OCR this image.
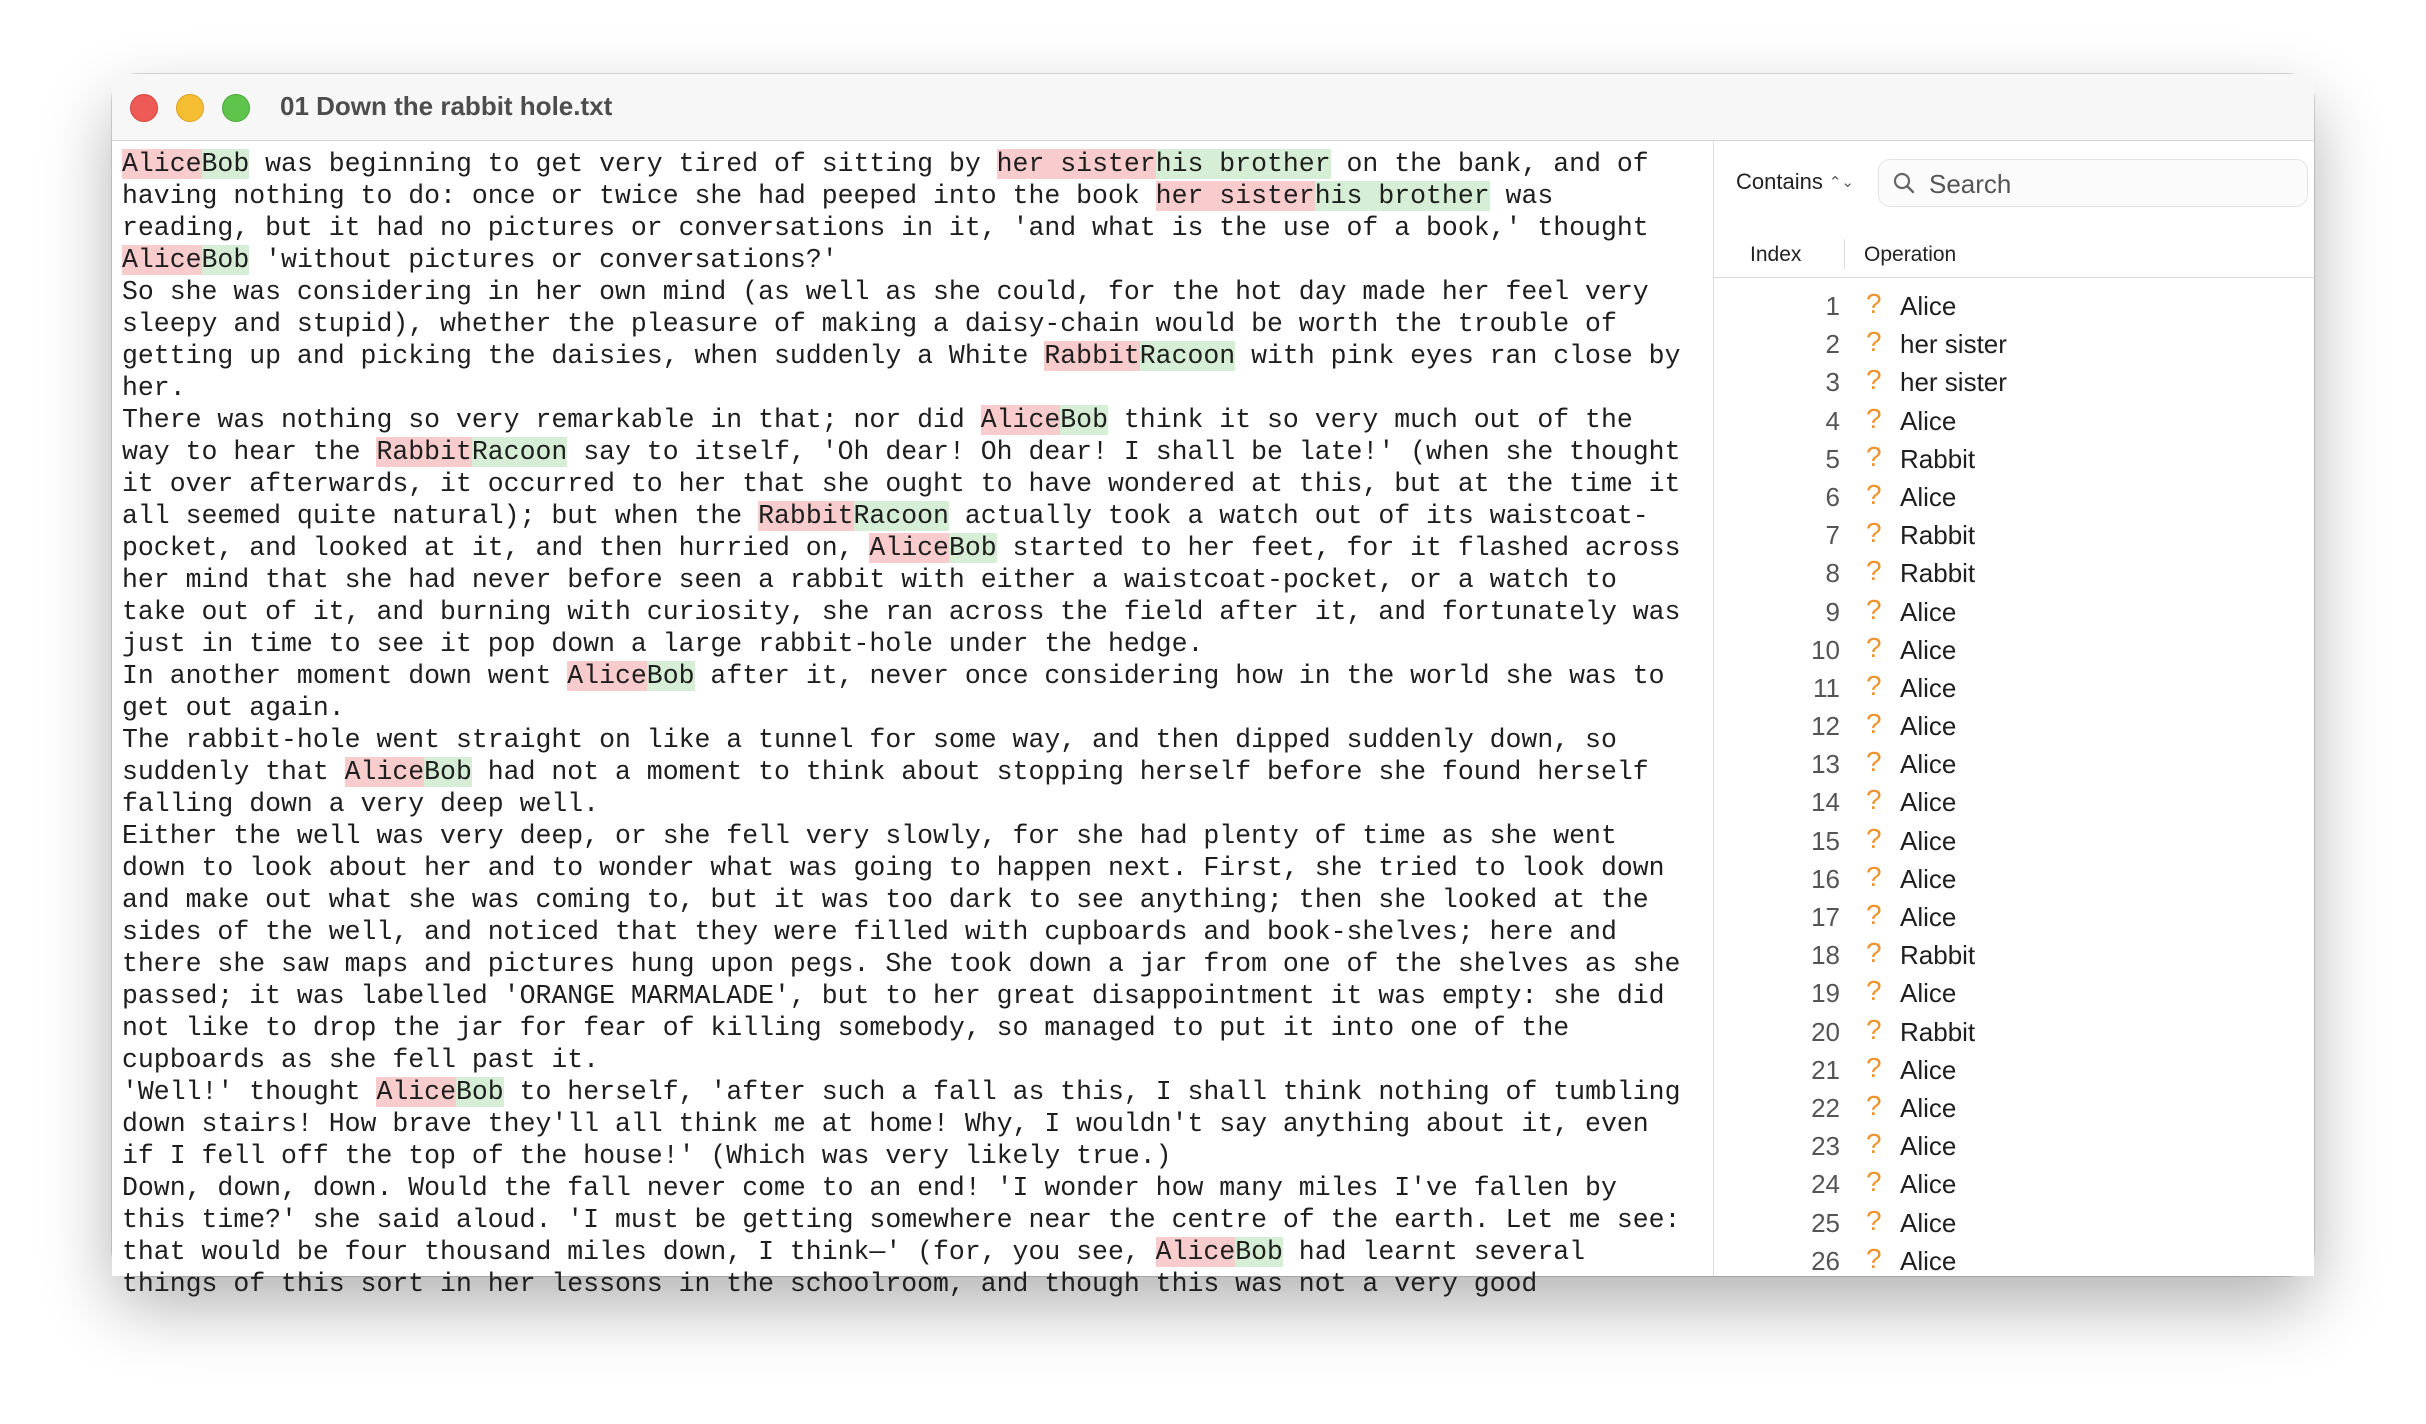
01 Down the rabbit hole.txt
AliceBob was beginning to get very tired of sitting by her sisterhis brother on the bank, and of
having nothing to do: once or twice she had peeped into the book her sisterhis brother was
reading, but it had no pictures or conversations in it, 'and what is the use of a book,' thought
AliceBob 'without pictures or conversations?'
So she was considering in her own mind (as well as she could, for the hot day made her feel very
sleepy and stupid), whether the pleasure of making a daisy-chain would be worth the trouble of
getting up and picking the daisies, when suddenly a White RabbitRacoon with pink eyes ran close by
her.
There was nothing so very remarkable in that; nor did AliceBob think it so very much out of the
way to hear the RabbitRacoon say to itself, 'Oh dear! Oh dear! I shall be late!' (when she thought
it over afterwards, it occurred to her that she ought to have wondered at this, but at the time it
all seemed quite natural); but when the RabbitRacoon actually took a watch out of its waistcoat-
pocket, and looked at it, and then hurried on, AliceBob started to her feet, for it flashed across
her mind that she had never before seen a rabbit with either a waistcoat-pocket, or a watch to
take out of it, and burning with curiosity, she ran across the field after it, and fortunately was
just in time to see it pop down a large rabbit-hole under the hedge.
In another moment down went AliceBob after it, never once considering how in the world she was to
get out again.
The rabbit-hole went straight on like a tunnel for some way, and then dipped suddenly down, so
suddenly that AliceBob had not a moment to think about stopping herself before she found herself
falling down a very deep well.
Either the well was very deep, or she fell very slowly, for she had plenty of time as she went
down to look about her and to wonder what was going to happen next. First, she tried to look down
and make out what she was coming to, but it was too dark to see anything; then she looked at the
sides of the well, and noticed that they were filled with cupboards and book-shelves; here and
there she saw maps and pictures hung upon pegs. She took down a jar from one of the shelves as she
passed; it was labelled 'ORANGE MARMALADE', but to her great disappointment it was empty: she did
not like to drop the jar for fear of killing somebody, so managed to put it into one of the
cupboards as she fell past it.
'Well!' thought AliceBob to herself, 'after such a fall as this, I shall think nothing of tumbling
down stairs! How brave they'll all think me at home! Why, I wouldn't say anything about it, even
if I fell off the top of the house!' (Which was very likely true.)
Down, down, down. Would the fall never come to an end! 'I wonder how many miles I've fallen by
this time?' she said aloud. 'I must be getting somewhere near the centre of the earth. Let me see:
that would be four thousand miles down, I think—' (for, you see, AliceBob had learnt several
things of this sort in her lessons in the schoolroom, and though this was not a very good
Contains ⌃⌄
Search
Index	Operation
1 ? Alice
2 ? her sister
3 ? her sister
4 ? Alice
5 ? Rabbit
6 ? Alice
7 ? Rabbit
8 ? Rabbit
9 ? Alice
10 ? Alice
11 ? Alice
12 ? Alice
13 ? Alice
14 ? Alice
15 ? Alice
16 ? Alice
17 ? Alice
18 ? Rabbit
19 ? Alice
20 ? Rabbit
21 ? Alice
22 ? Alice
23 ? Alice
24 ? Alice
25 ? Alice
26 ? Alice
